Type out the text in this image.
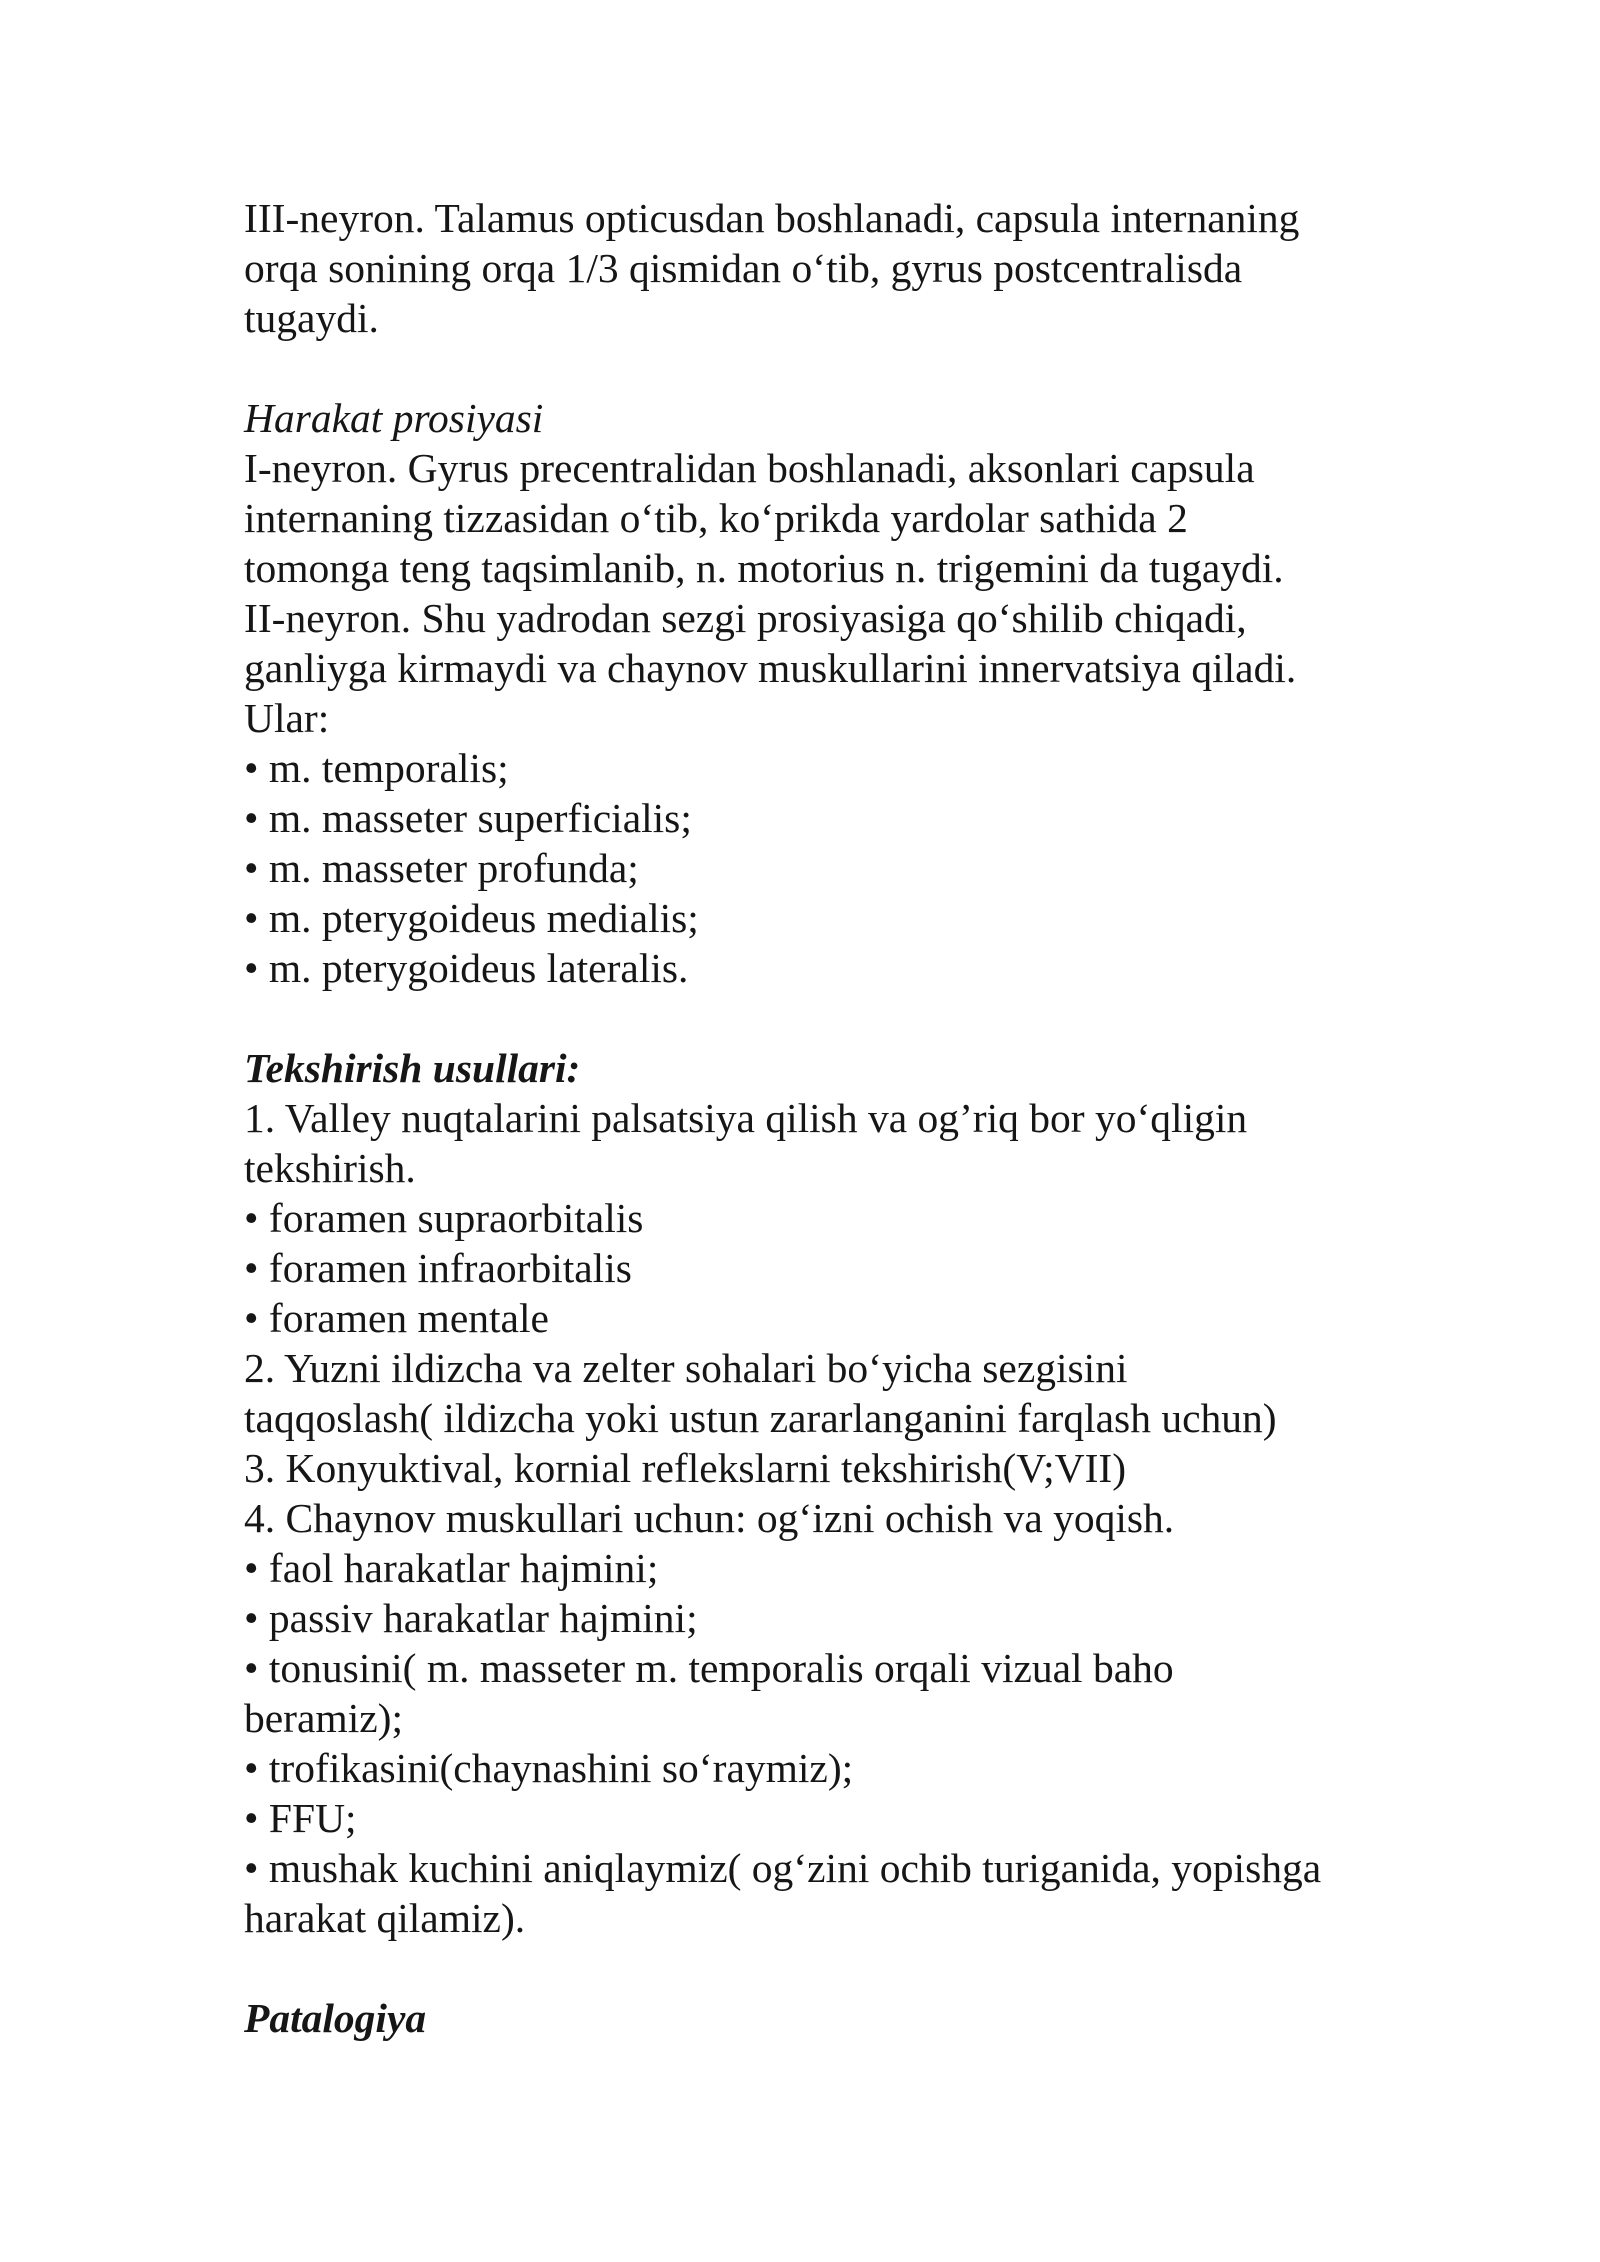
III-neyron. Talamus opticusdan boshlanadi, capsula internaning
orqa sonining orqa 1/3 qismidan o‘tib, gyrus postcentralisda
tugaydi.
Harakat prosiyasi
I-neyron. Gyrus precentralidan boshlanadi, aksonlari capsula
internaning tizzasidan o‘tib, ko‘prikda yardolar sathida 2
tomonga teng taqsimlanib, n. motorius n. trigemini da tugaydi.
II-neyron. Shu yadrodan sezgi prosiyasiga qo‘shilib chiqadi,
ganliyga kirmaydi va chaynov muskullarini innervatsiya qiladi.
Ular:
• m. temporalis;
• m. masseter superficialis;
• m. masseter profunda;
• m. pterygoideus medialis;
• m. pterygoideus lateralis.
Tekshirish usullari:
1. Valley nuqtalarini palsatsiya qilish va og’riq bor yo‘qligin
tekshirish.
• foramen supraorbitalis
• foramen infraorbitalis
• foramen mentale
2. Yuzni ildizcha va zelter sohalari bo‘yicha sezgisini
taqqoslash( ildizcha yoki ustun zararlanganini farqlash uchun)
3. Konyuktival, kornial reflekslarni tekshirish(V;VII)
4. Chaynov muskullari uchun: og‘izni ochish va yoqish.
• faol harakatlar hajmini;
• passiv harakatlar hajmini;
• tonusini( m. masseter m. temporalis orqali vizual baho
beramiz);
• trofikasini(chaynashini so‘raymiz);
• FFU;
• mushak kuchini aniqlaymiz( og‘zini ochib turiganida, yopishga
harakat qilamiz).
Patalogiya
